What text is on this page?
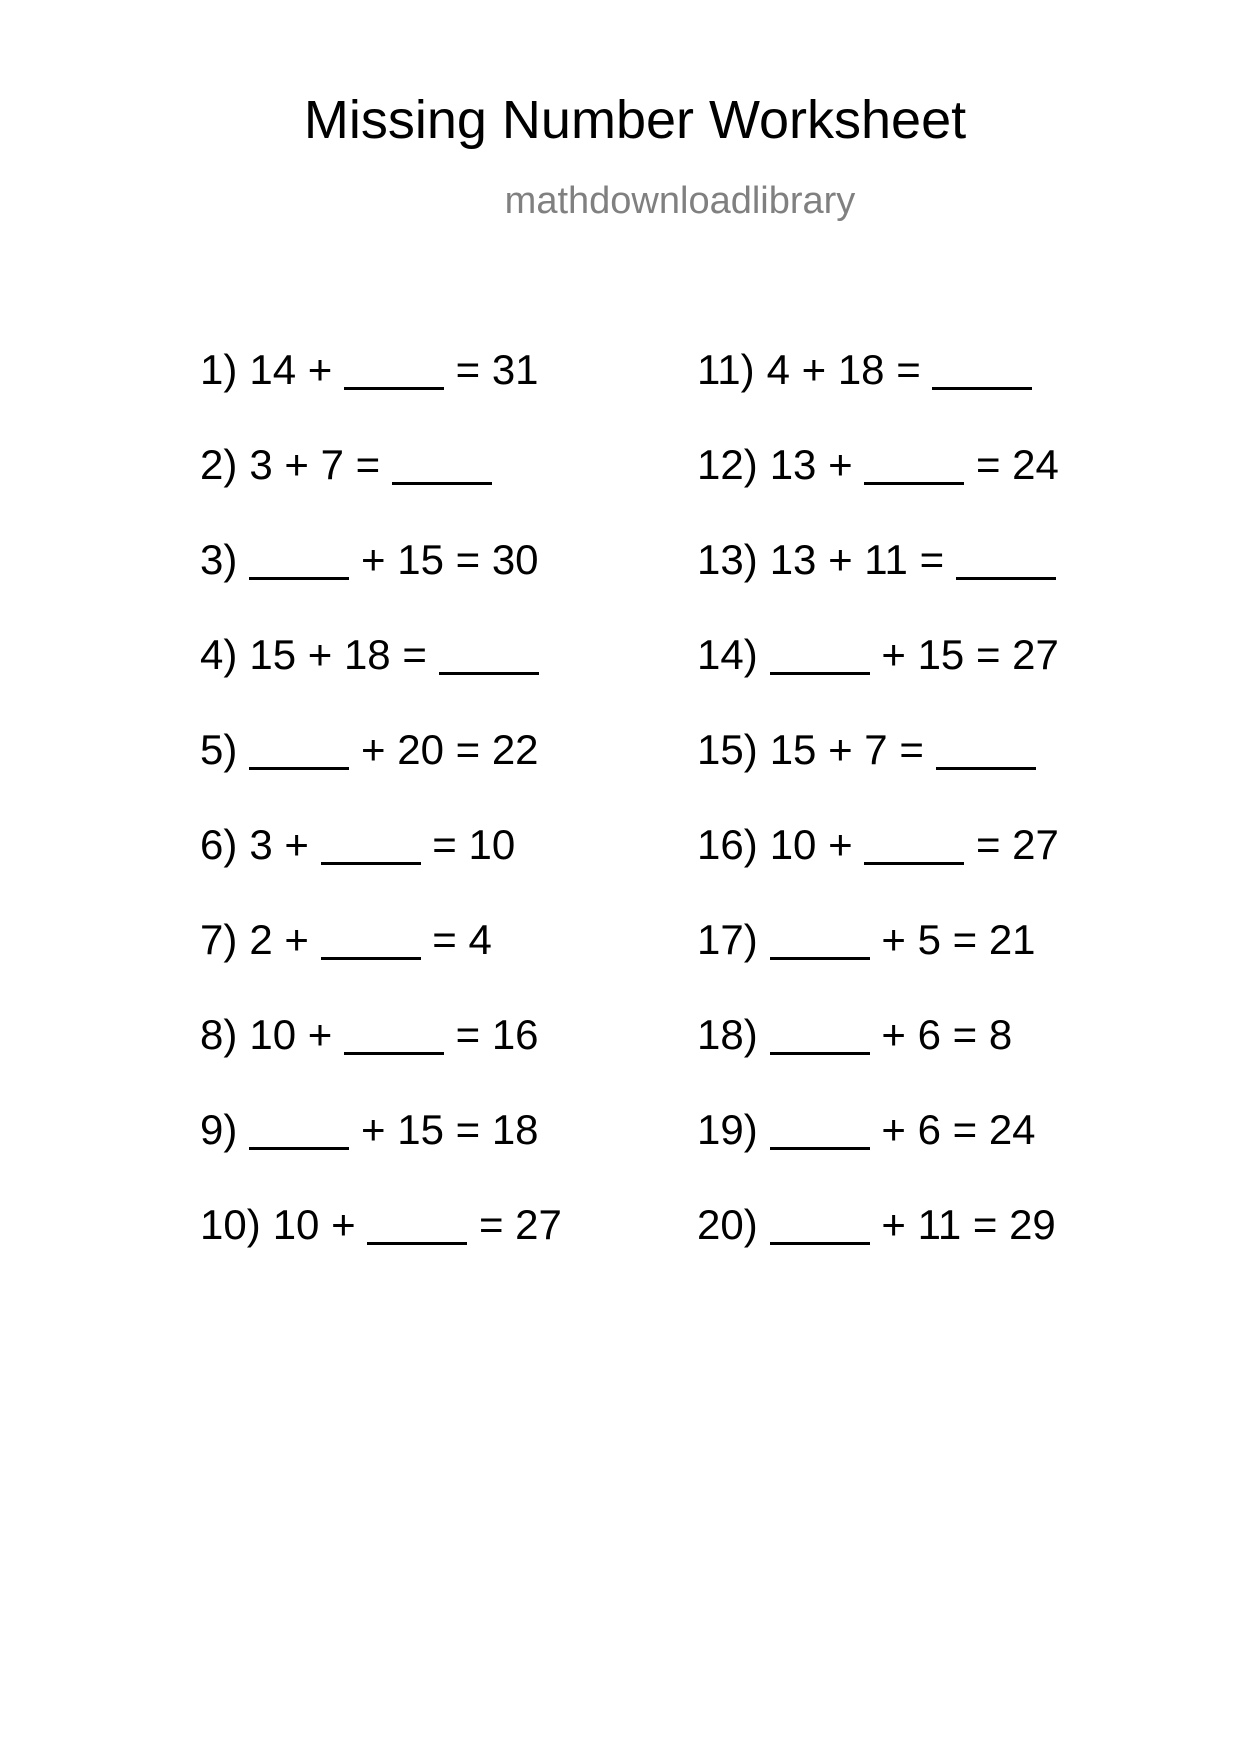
Missing Number Worksheet
mathdownloadlibrary
1) 14 +	= 31
2) 3 + 7 =
3)	+ 15 = 30
4) 15 + 18 =
5)	+ 20 = 22
6) 3 +	= 10
7) 2 +	= 4
8) 10 +	= 16
9)	+ 15 = 18
10) 10 +	= 27
11) 4 + 18 =
12) 13 +	= 24
13) 13 + 11 =
14)	+ 15 = 27
15) 15 + 7 =
16) 10 +	= 27
17)	+ 5 = 21
18)	+ 6 = 8
19)	+ 6 = 24
20)	+ 11 = 29
